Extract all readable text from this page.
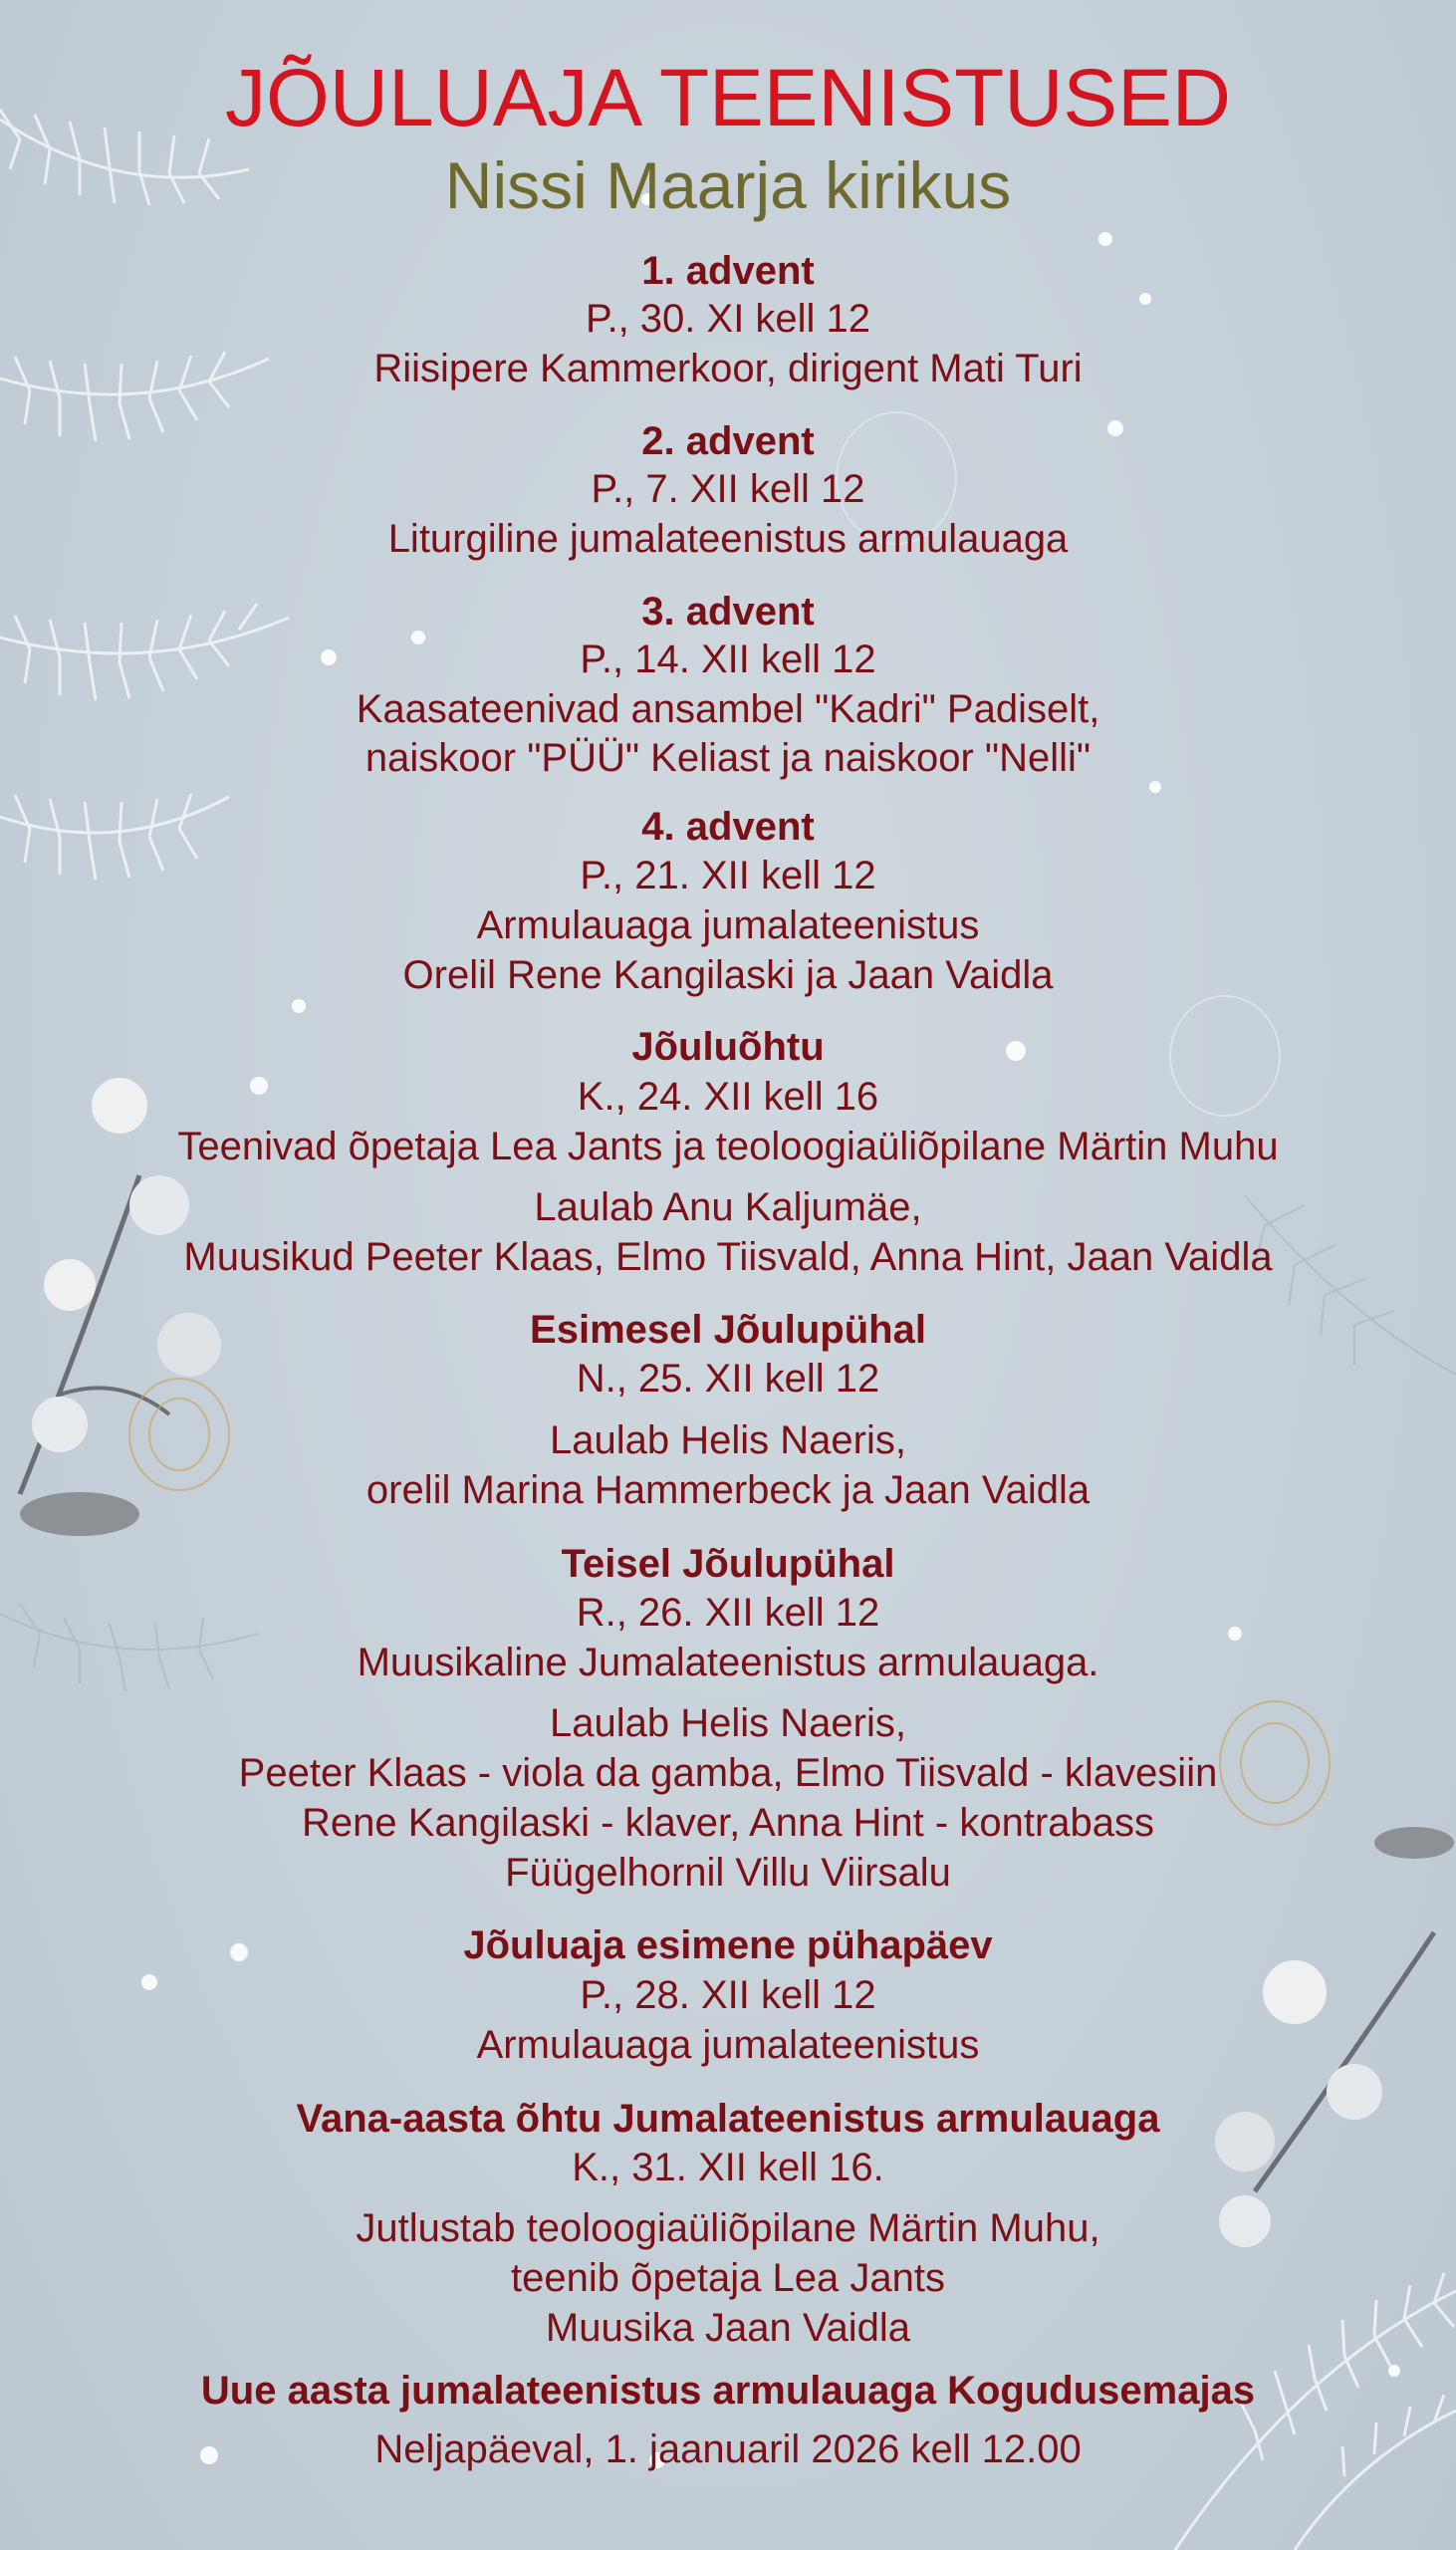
JÕULUAJA TEENISTUSED
Nissi Maarja kirikus
1. advent
P., 30. XI kell 12
Riisipere Kammerkoor, dirigent Mati Turi
2. advent
P., 7. XII kell 12
Liturgiline jumalateenistus armulauaga
3. advent
P., 14. XII kell 12
Kaasateenivad ansambel "Kadri" Padiselt,
naiskoor "PÜÜ" Keliast ja naiskoor "Nelli"
4. advent
P., 21. XII kell 12
Armulauaga jumalateenistus
Orelil Rene Kangilaski ja Jaan Vaidla
Jõuluõhtu
K., 24. XII kell 16
Teenivad õpetaja Lea Jants ja teoloogiaüliõpilane Märtin Muhu
Laulab Anu Kaljumäe,
Muusikud Peeter Klaas, Elmo Tiisvald, Anna Hint, Jaan Vaidla
Esimesel Jõulupühal
N., 25. XII kell 12
Laulab Helis Naeris,
orelil Marina Hammerbeck ja Jaan Vaidla
Teisel Jõulupühal
R., 26. XII kell 12
Muusikaline Jumalateenistus armulauaga.
Laulab Helis Naeris,
Peeter Klaas - viola da gamba, Elmo Tiisvald - klavesiin
Rene Kangilaski - klaver, Anna Hint - kontrabass
Füügelhornil Villu Viirsalu
Jõuluaja esimene pühapäev
P., 28. XII kell 12
Armulauaga jumalateenistus
Vana-aasta õhtu Jumalateenistus armulauaga
K., 31. XII kell 16.
Jutlustab teoloogiaüliõpilane Märtin Muhu,
teenib õpetaja Lea Jants
Muusika Jaan Vaidla
Uue aasta jumalateenistus armulauaga Kogudusemajas
Neljapäeval, 1. jaanuaril 2026 kell 12.00
